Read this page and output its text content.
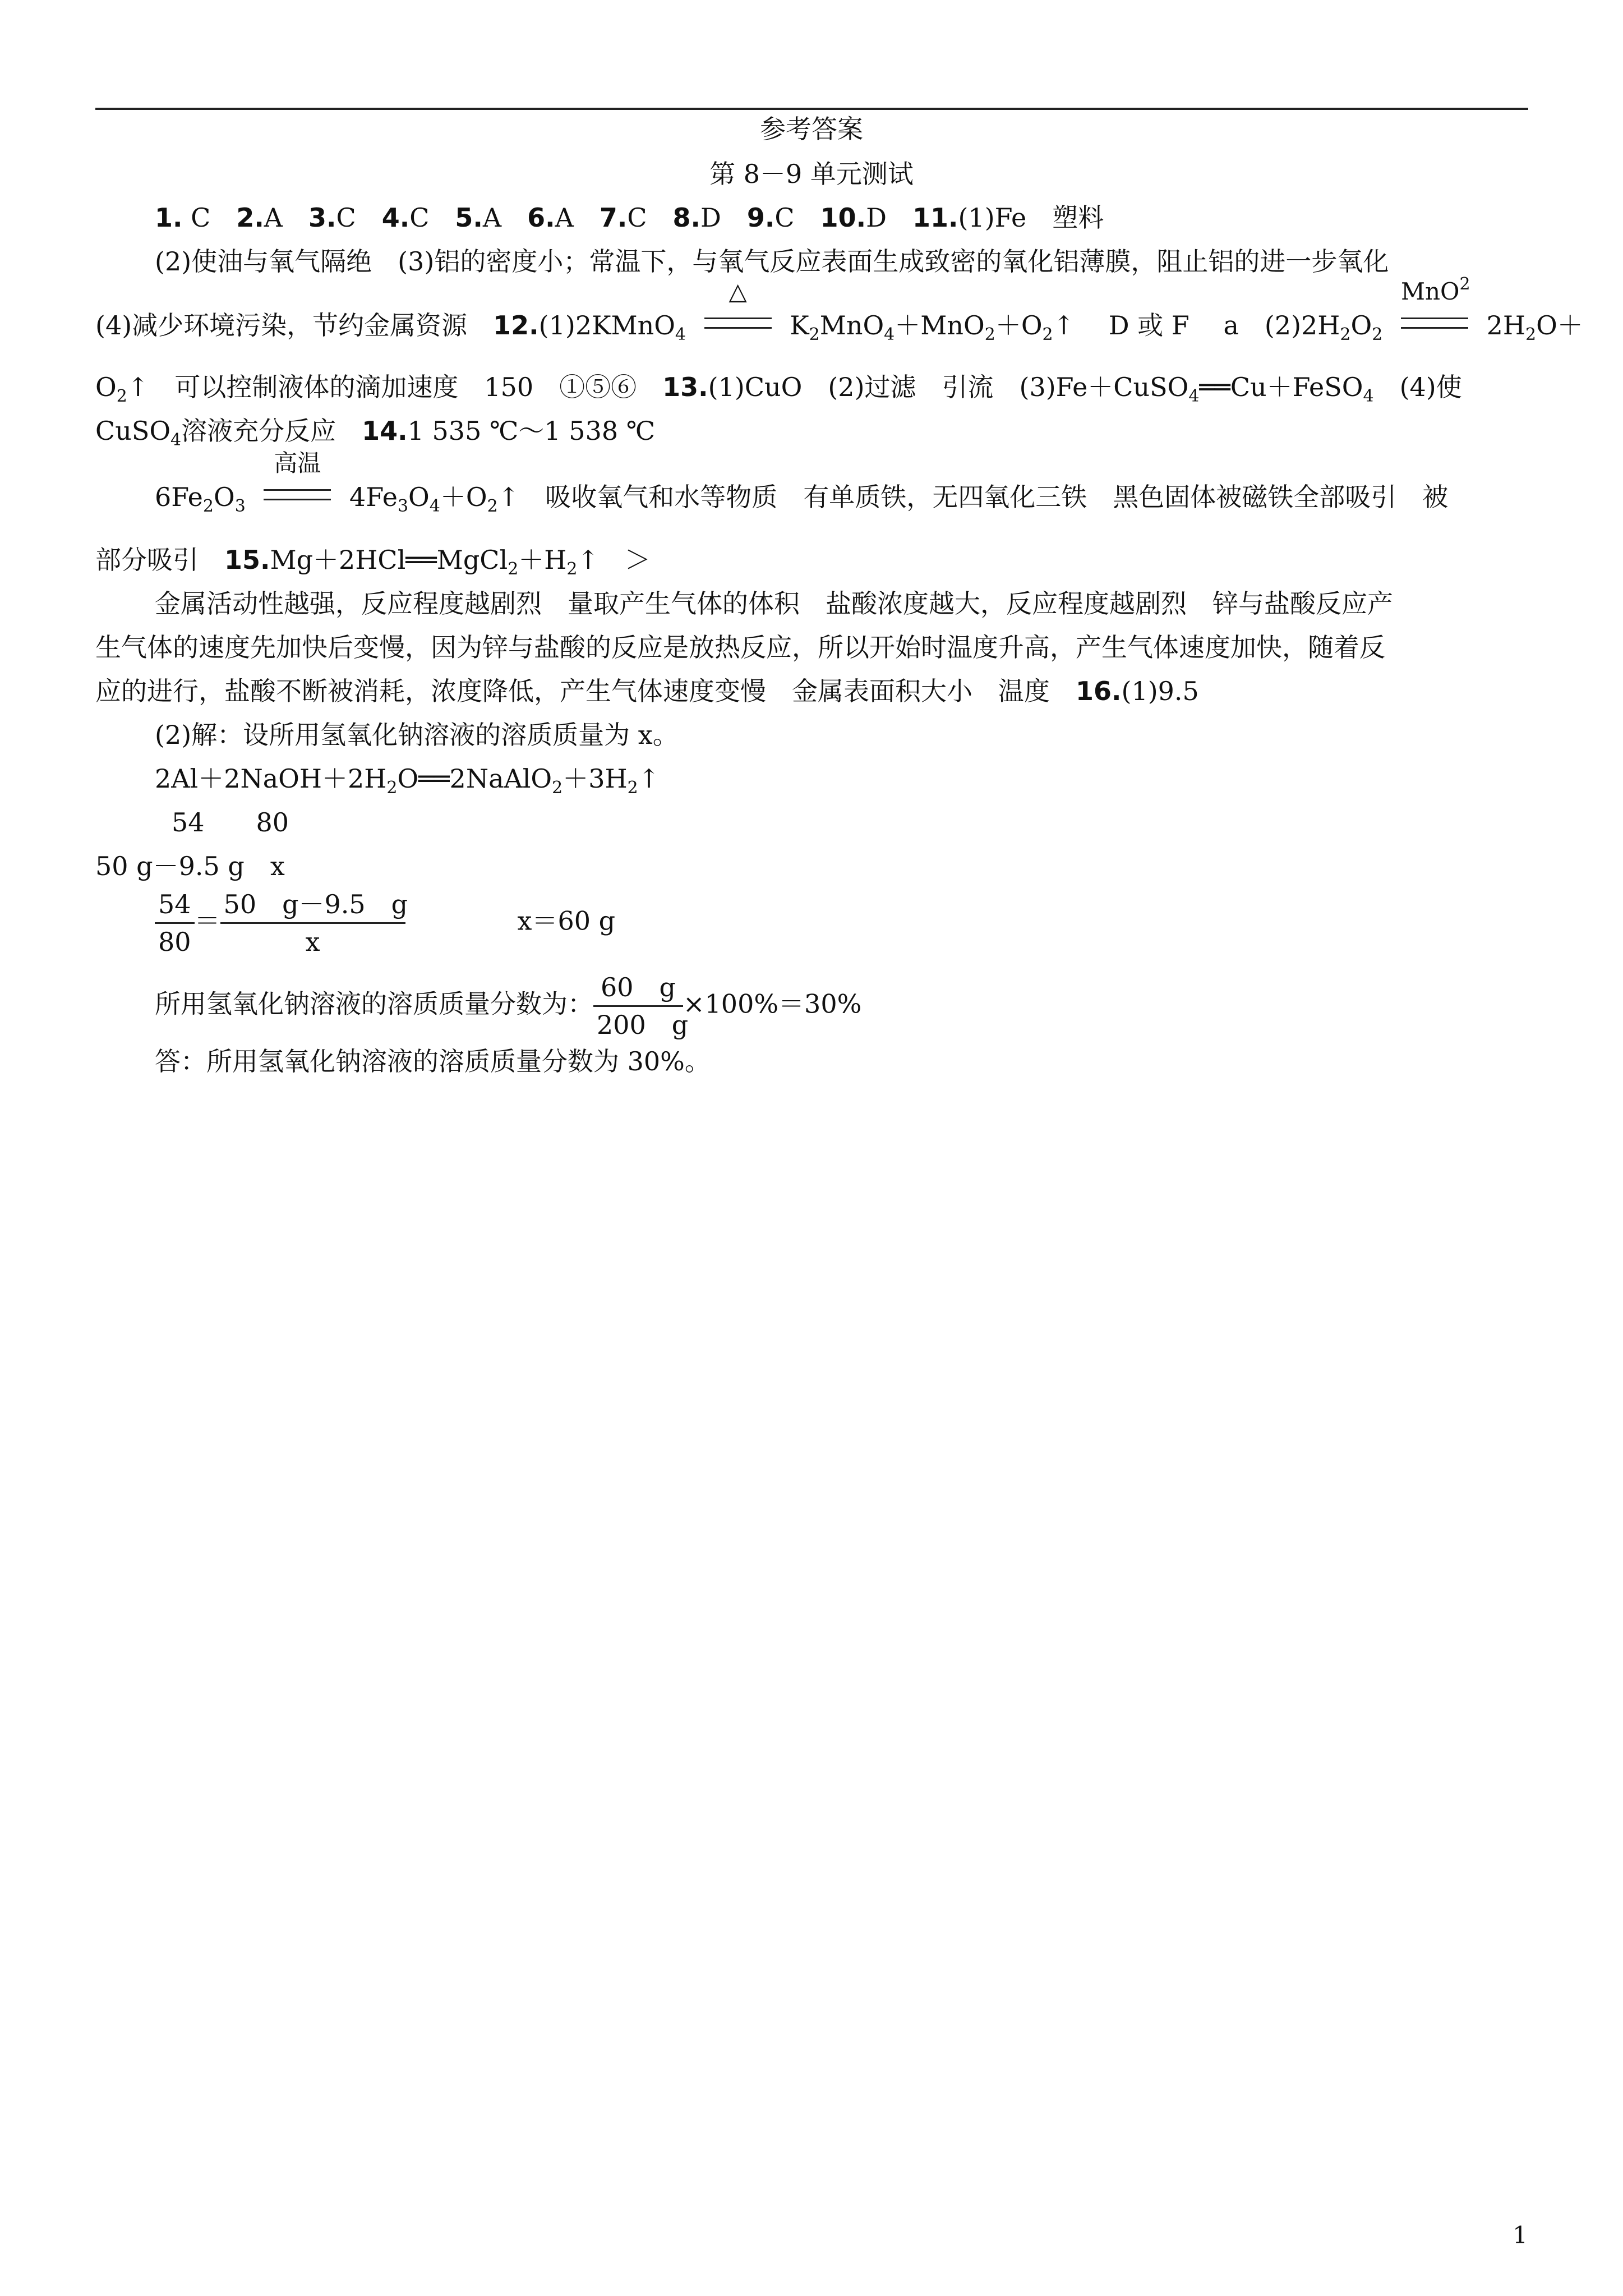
参考答案
第 8－9 单元测试
1. C　 2.A　 3.C　 4.C　 5.A　 6.A　 7.C　 8.D　 9.C　 10.D　 11.(1)Fe　塑料
(2)使油与氧气隔绝　(3)铝的密度小；常温下，与氧气反应表面生成致密的氧化铝薄膜，阻止铝的进一步氧化
(4)减少环境污染，节约金属资源　12.(1)2KMnO$_4$
△
$K_2MnO_4+MnO_2+O_2↑$　 D 或 F　 a　$(2)2H_2O_2$
MnO$^2$
$2H_2O+$
$O_2↑$　可以控制液体的滴加速度　150　①⑤⑥　13.(1)CuO　(2)过滤　引流　(3)Fe＋CuSO$_4$══Cu＋FeSO$_4$　(4)使
CuSO$_4$溶液充分反应　14.1 535 ℃～1 538 ℃
$6Fe_2O_3$
高温
$4Fe_3O_4+O_2↑$　吸收氧气和水等物质　有单质铁，无四氧化三铁　黑色固体被磁铁全部吸引　被
部分吸引　$15.Mg+2HCl══MgCl_2+H_2↑$　＞
金属活动性越强，反应程度越剧烈　量取产生气体的体积　盐酸浓度越大，反应程度越剧烈　锌与盐酸反应产
生气体的速度先加快后变慢，因为锌与盐酸的反应是放热反应，所以开始时温度升高，产生气体速度加快，随着反
应的进行，盐酸不断被消耗，浓度降低，产生气体速度变慢　金属表面积大小　温度　16.(1)9.5
(2)解：设所用氢氧化钠溶液的溶质质量为 x。
$2Al+2NaOH+2H_2O══2NaAlO_2+3H_2↑$
54　　80
50 g－9.5 g　x
$\frac{54}{80} = \frac{50 g-9.5 g}{x}$	x＝60 g
所用氢氧化钠溶液的溶质质量分数为： $\frac{60 g}{200 g} \times 100\%=30\%$
答：所用氢氧化钠溶液的溶质质量分数为 30%。
1
